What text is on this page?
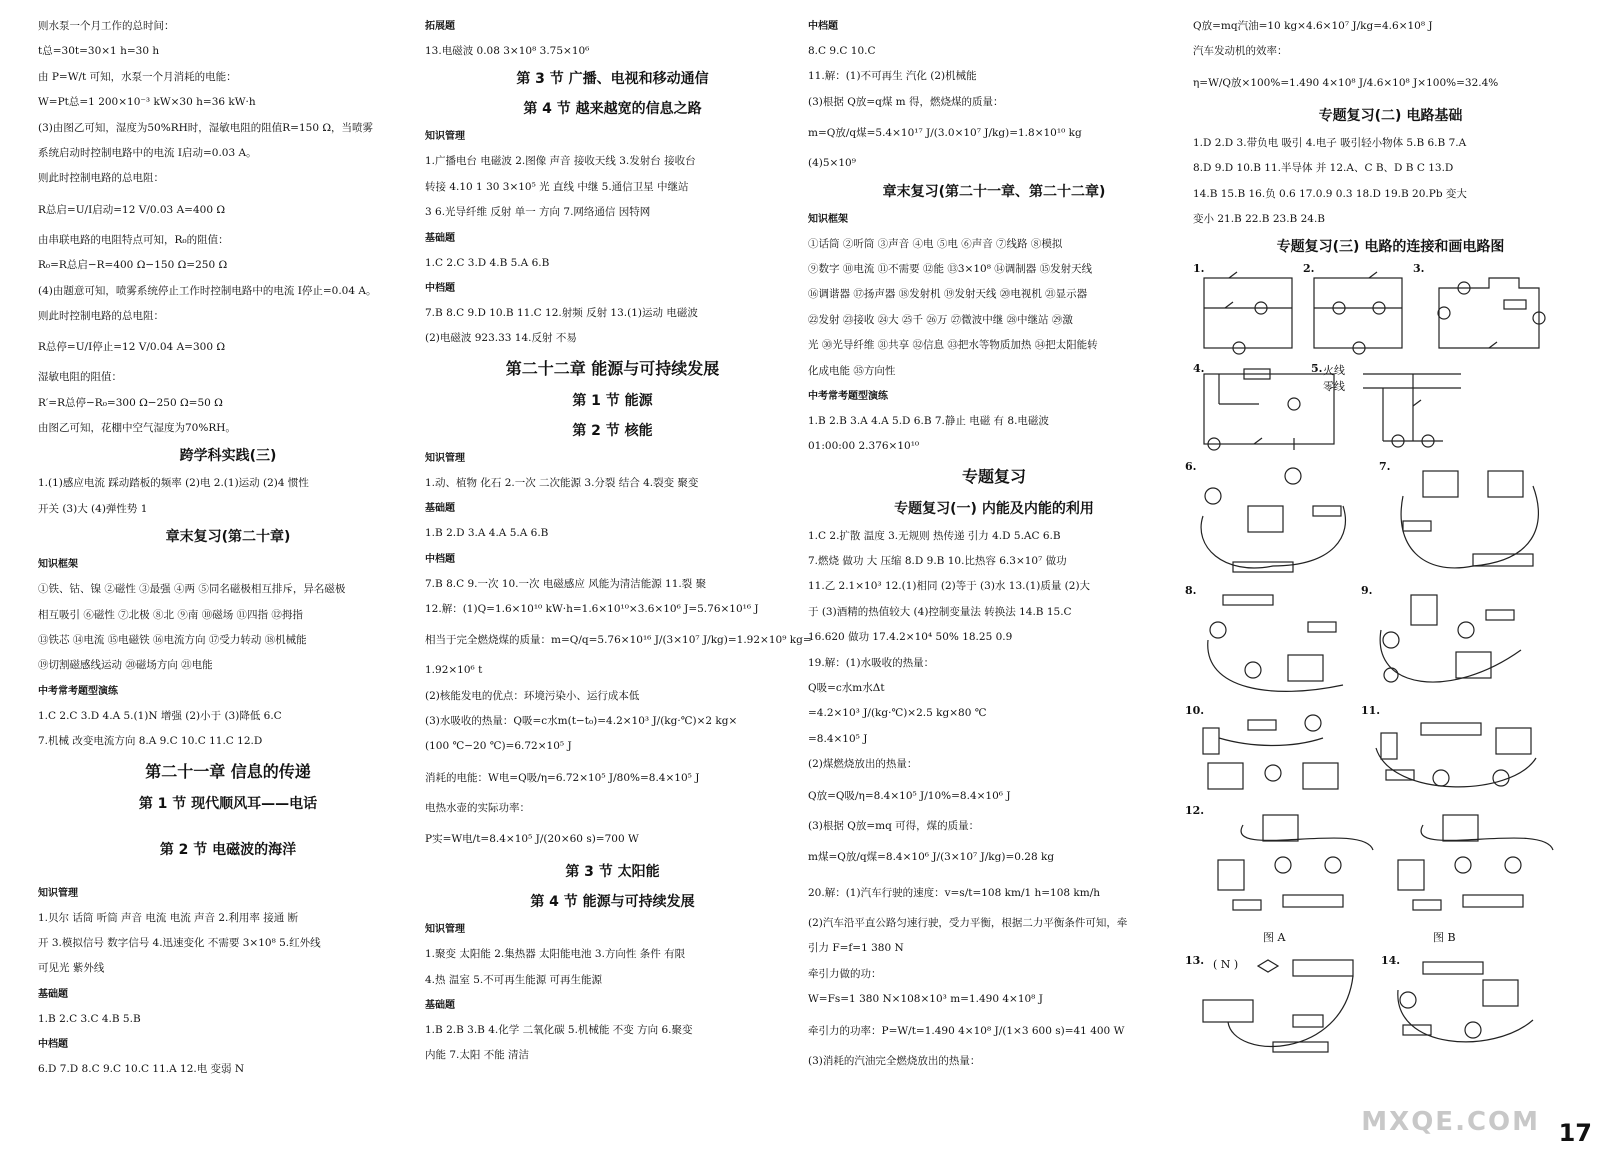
则水泵一个月工作的总时间：
t总=30t=30×1 h=30 h
由 P=W/t 可知，水泵一个月消耗的电能：
W=Pt总=1 200×10⁻³ kW×30 h=36 kW·h
(3)由图乙可知，湿度为50%RH时，湿敏电阻的阻值R=150 Ω，当喷雾
系统启动时控制电路中的电流 I启动=0.03 A。
则此时控制电路的总电阻：
R总启=U/I启动=12 V/0.03 A=400 Ω
由串联电路的电阻特点可知，R₀的阻值：
R₀=R总启−R=400 Ω−150 Ω=250 Ω
(4)由题意可知，喷雾系统停止工作时控制电路中的电流 I停止=0.04 A。
则此时控制电路的总电阻：
R总停=U/I停止=12 V/0.04 A=300 Ω
湿敏电阻的阻值：
R′=R总停−R₀=300 Ω−250 Ω=50 Ω
由图乙可知，花棚中空气湿度为70%RH。
跨学科实践(三)
1.(1)感应电流 踩动踏板的频率 (2)电 2.(1)运动 (2)4 惯性
开关 (3)大 (4)弹性势 1
章末复习(第二十章)
知识框架
①铁、钴、镍 ②磁性 ③最强 ④两 ⑤同名磁极相互排斥，异名磁极
相互吸引 ⑥磁性 ⑦北极 ⑧北 ⑨南 ⑩磁场 ⑪四指 ⑫拇指
⑬铁芯 ⑭电流 ⑮电磁铁 ⑯电流方向 ⑰受力转动 ⑱机械能
⑲切割磁感线运动 ⑳磁场方向 ㉑电能
中考常考题型演练
1.C 2.C 3.D 4.A 5.(1)N 增强 (2)小于 (3)降低 6.C
7.机械 改变电流方向 8.A 9.C 10.C 11.C 12.D
第二十一章 信息的传递
第 1 节 现代顺风耳——电话
第 2 节 电磁波的海洋
知识管理
1.贝尔 话筒 听筒 声音 电流 电流 声音 2.利用率 接通 断
开 3.模拟信号 数字信号 4.迅速变化 不需要 3×10⁸ 5.红外线
可见光 紫外线
基础题
1.B 2.C 3.C 4.B 5.B
中档题
6.D 7.D 8.C 9.C 10.C 11.A 12.电 变弱 N
拓展题
13.电磁波 0.08 3×10⁸ 3.75×10⁶
第 3 节 广播、电视和移动通信
第 4 节 越来越宽的信息之路
知识管理
1.广播电台 电磁波 2.图像 声音 接收天线 3.发射台 接收台
转接 4.10 1 30 3×10⁵ 光 直线 中继 5.通信卫星 中继站
3 6.光导纤维 反射 单一 方向 7.网络通信 因特网
基础题
1.C 2.C 3.D 4.B 5.A 6.B
中档题
7.B 8.C 9.D 10.B 11.C 12.射频 反射 13.(1)运动 电磁波
(2)电磁波 923.33 14.反射 不易
第二十二章 能源与可持续发展
第 1 节 能源
第 2 节 核能
知识管理
1.动、植物 化石 2.一次 二次能源 3.分裂 结合 4.裂变 聚变
基础题
1.B 2.D 3.A 4.A 5.A 6.B
中档题
7.B 8.C 9.一次 10.一次 电磁感应 风能为清洁能源 11.裂 聚
12.解：(1)Q=1.6×10¹⁰ kW·h=1.6×10¹⁰×3.6×10⁶ J=5.76×10¹⁶ J
相当于完全燃烧煤的质量：m=Q/q=5.76×10¹⁶ J/(3×10⁷ J/kg)=1.92×10⁹ kg=
1.92×10⁶ t
(2)核能发电的优点：环境污染小、运行成本低
(3)水吸收的热量：Q吸=c水m(t−t₀)=4.2×10³ J/(kg·℃)×2 kg×
(100 ℃−20 ℃)=6.72×10⁵ J
消耗的电能：W电=Q吸/η=6.72×10⁵ J/80%=8.4×10⁵ J
电热水壶的实际功率：
P实=W电/t=8.4×10⁵ J/(20×60 s)=700 W
第 3 节 太阳能
第 4 节 能源与可持续发展
知识管理
1.聚变 太阳能 2.集热器 太阳能电池 3.方向性 条件 有限
4.热 温室 5.不可再生能源 可再生能源
基础题
1.B 2.B 3.B 4.化学 二氧化碳 5.机械能 不变 方向 6.聚变
内能 7.太阳 不能 清洁
中档题
8.C 9.C 10.C
11.解：(1)不可再生 汽化 (2)机械能
(3)根据 Q放=q煤 m 得，燃烧煤的质量：
m=Q放/q煤=5.4×10¹⁷ J/(3.0×10⁷ J/kg)=1.8×10¹⁰ kg
(4)5×10⁹
章末复习(第二十一章、第二十二章)
知识框架
①话筒 ②听筒 ③声音 ④电 ⑤电 ⑥声音 ⑦线路 ⑧模拟
⑨数字 ⑩电流 ⑪不需要 ⑫能 ⑬3×10⁸ ⑭调制器 ⑮发射天线
⑯调谐器 ⑰扬声器 ⑱发射机 ⑲发射天线 ⑳电视机 ㉑显示器
㉒发射 ㉓接收 ㉔大 ㉕千 ㉖万 ㉗微波中继 ㉘中继站 ㉙激
光 ㉚光导纤维 ㉛共享 ㉜信息 ㉝把水等物质加热 ㉞把太阳能转
化成电能 ㉟方向性
中考常考题型演练
1.B 2.B 3.A 4.A 5.D 6.B 7.静止 电磁 有 8.电磁波
01:00:00 2.376×10¹⁰
专题复习
专题复习(一) 内能及内能的利用
1.C 2.扩散 温度 3.无规则 热传递 引力 4.D 5.AC 6.B
7.燃烧 做功 大 压缩 8.D 9.B 10.比热容 6.3×10⁷ 做功
11.乙 2.1×10³ 12.(1)相同 (2)等于 (3)水 13.(1)质量 (2)大
于 (3)酒精的热值较大 (4)控制变量法 转换法 14.B 15.C
16.620 做功 17.4.2×10⁴ 50% 18.25 0.9
19.解：(1)水吸收的热量：
Q吸=c水m水Δt
=4.2×10³ J/(kg·℃)×2.5 kg×80 ℃
=8.4×10⁵ J
(2)煤燃烧放出的热量：
Q放=Q吸/η=8.4×10⁵ J/10%=8.4×10⁶ J
(3)根据 Q放=mq 可得，煤的质量：
m煤=Q放/q煤=8.4×10⁶ J/(3×10⁷ J/kg)=0.28 kg
20.解：(1)汽车行驶的速度：v=s/t=108 km/1 h=108 km/h
(2)汽车沿平直公路匀速行驶，受力平衡，根据二力平衡条件可知，牵
引力 F=f=1 380 N
牵引力做的功：
W=Fs=1 380 N×108×10³ m=1.490 4×10⁸ J
牵引力的功率：P=W/t=1.490 4×10⁸ J/(1×3 600 s)=41 400 W
(3)消耗的汽油完全燃烧放出的热量：
Q放=mq汽油=10 kg×4.6×10⁷ J/kg=4.6×10⁸ J
汽车发动机的效率：
η=W/Q放×100%=1.490 4×10⁸ J/4.6×10⁸ J×100%=32.4%
专题复习(二) 电路基础
1.D 2.D 3.带负电 吸引 4.电子 吸引轻小物体 5.B 6.B 7.A
8.D 9.D 10.B 11.半导体 并 12.A、C B、D B C 13.D
14.B 15.B 16.负 0.6 17.0.9 0.3 18.D 19.B 20.Pb 变大
变小 21.B 22.B 23.B 24.B
专题复习(三) 电路的连接和画电路图
1.	2.	3.
4.	5. 火线
零线
6.	7.
8.	9.
10.	11.
12.
图 A	图 B
13. ( N )	14.
MXQE.COM 17
